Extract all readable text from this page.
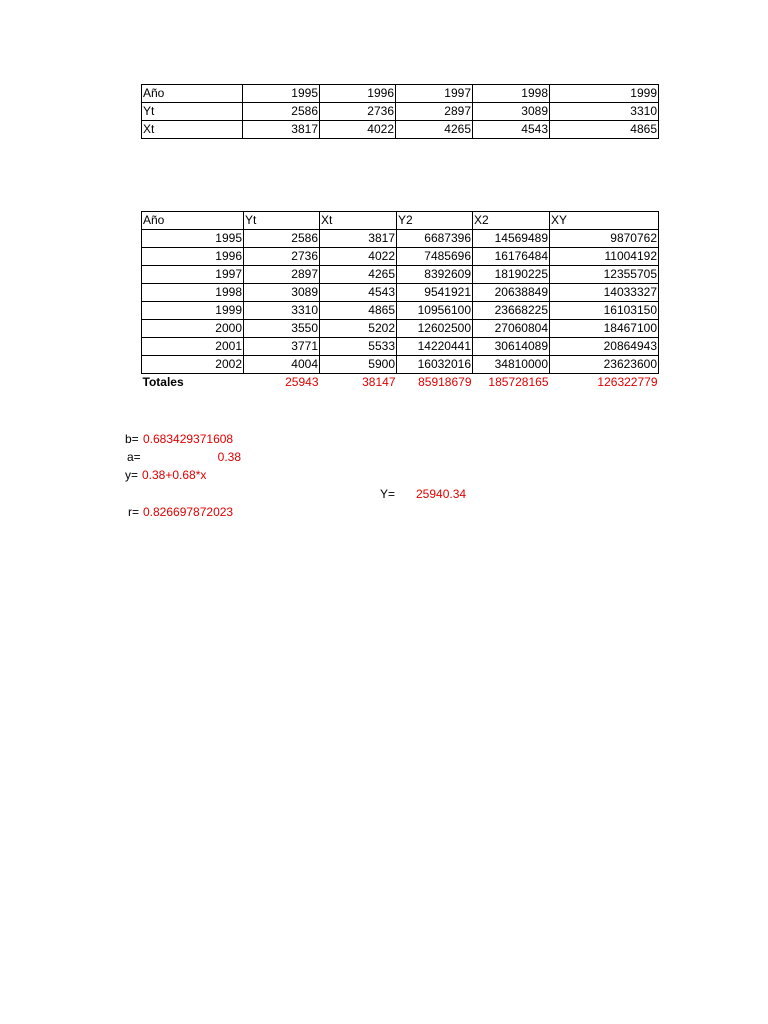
Año	1995	1996	1997	1998	1999
Yt	2586	2736	2897	3089	3310
Xt	3817	4022	4265	4543	4865
Año	Yt	Xt	Y2	X2	XY
1995	2586	3817	6687396	14569489	9870762
1996	2736	4022	7485696	16176484	11004192
1997	2897	4265	8392609	18190225	12355705
1998	3089	4543	9541921	20638849	14033327
1999	3310	4865	10956100	23668225	16103150
2000	3550	5202	12602500	27060804	18467100
2001	3771	5533	14220441	30614089	20864943
2002	4004	5900	16032016	34810000	23623600
Totales	25943	38147	85918679	185728165	126322779
b= 0.683429371608
a=	0.38
y= 0.38+0.68*x
Y= 25940.34
r= 0.826697872023
